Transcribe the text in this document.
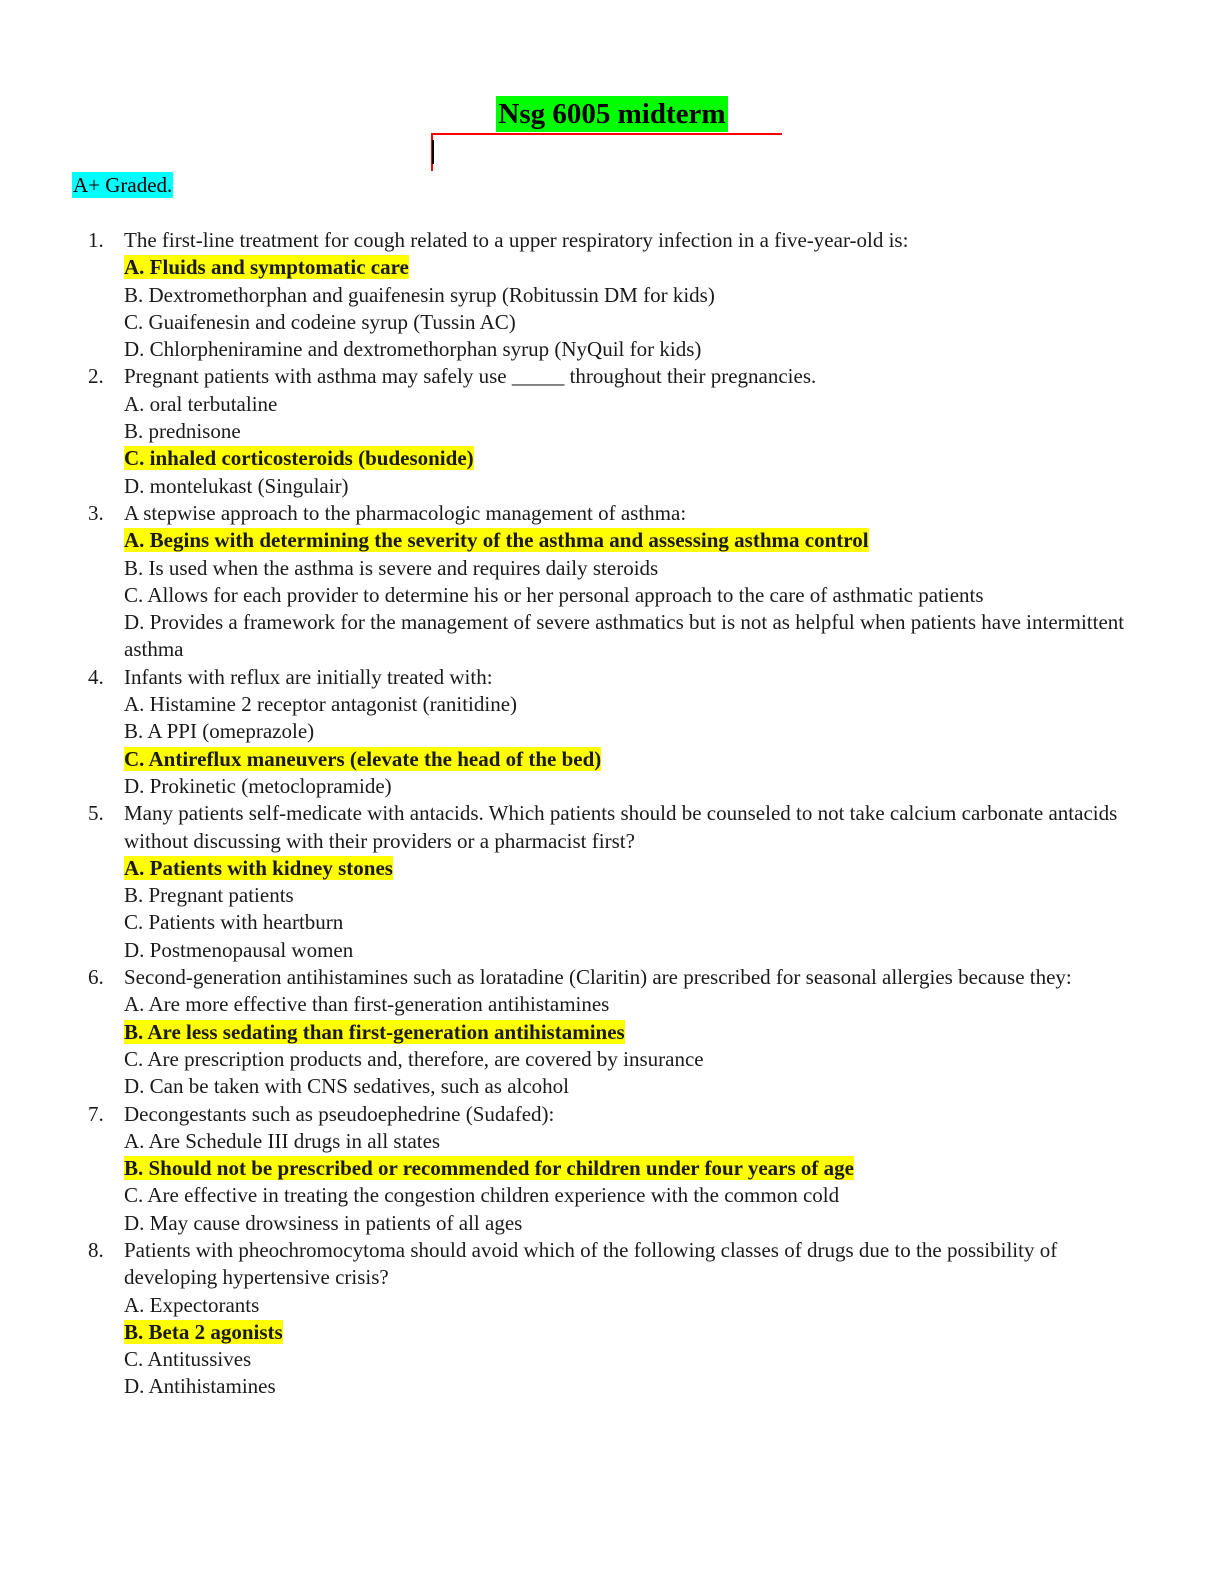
Nsg 6005 midterm
A+ Graded.
1. The first-line treatment for cough related to a upper respiratory infection in a five-year-old is:
A. Fluids and symptomatic care
B. Dextromethorphan and guaifenesin syrup (Robitussin DM for kids)
C. Guaifenesin and codeine syrup (Tussin AC)
D. Chlorpheniramine and dextromethorphan syrup (NyQuil for kids)
2. Pregnant patients with asthma may safely use _____ throughout their pregnancies.
A. oral terbutaline
B. prednisone
C. inhaled corticosteroids (budesonide)
D. montelukast (Singulair)
3. A stepwise approach to the pharmacologic management of asthma:
A. Begins with determining the severity of the asthma and assessing asthma control
B. Is used when the asthma is severe and requires daily steroids
C. Allows for each provider to determine his or her personal approach to the care of asthmatic patients
D. Provides a framework for the management of severe asthmatics but is not as helpful when patients have intermittent asthma
4. Infants with reflux are initially treated with:
A. Histamine 2 receptor antagonist (ranitidine)
B. A PPI (omeprazole)
C. Antireflux maneuvers (elevate the head of the bed)
D. Prokinetic (metoclopramide)
5. Many patients self-medicate with antacids. Which patients should be counseled to not take calcium carbonate antacids without discussing with their providers or a pharmacist first?
A. Patients with kidney stones
B. Pregnant patients
C. Patients with heartburn
D. Postmenopausal women
6. Second-generation antihistamines such as loratadine (Claritin) are prescribed for seasonal allergies because they:
A. Are more effective than first-generation antihistamines
B. Are less sedating than first-generation antihistamines
C. Are prescription products and, therefore, are covered by insurance
D. Can be taken with CNS sedatives, such as alcohol
7. Decongestants such as pseudoephedrine (Sudafed):
A. Are Schedule III drugs in all states
B. Should not be prescribed or recommended for children under four years of age
C. Are effective in treating the congestion children experience with the common cold
D. May cause drowsiness in patients of all ages
8. Patients with pheochromocytoma should avoid which of the following classes of drugs due to the possibility of developing hypertensive crisis?
A. Expectorants
B. Beta 2 agonists
C. Antitussives
D. Antihistamines
